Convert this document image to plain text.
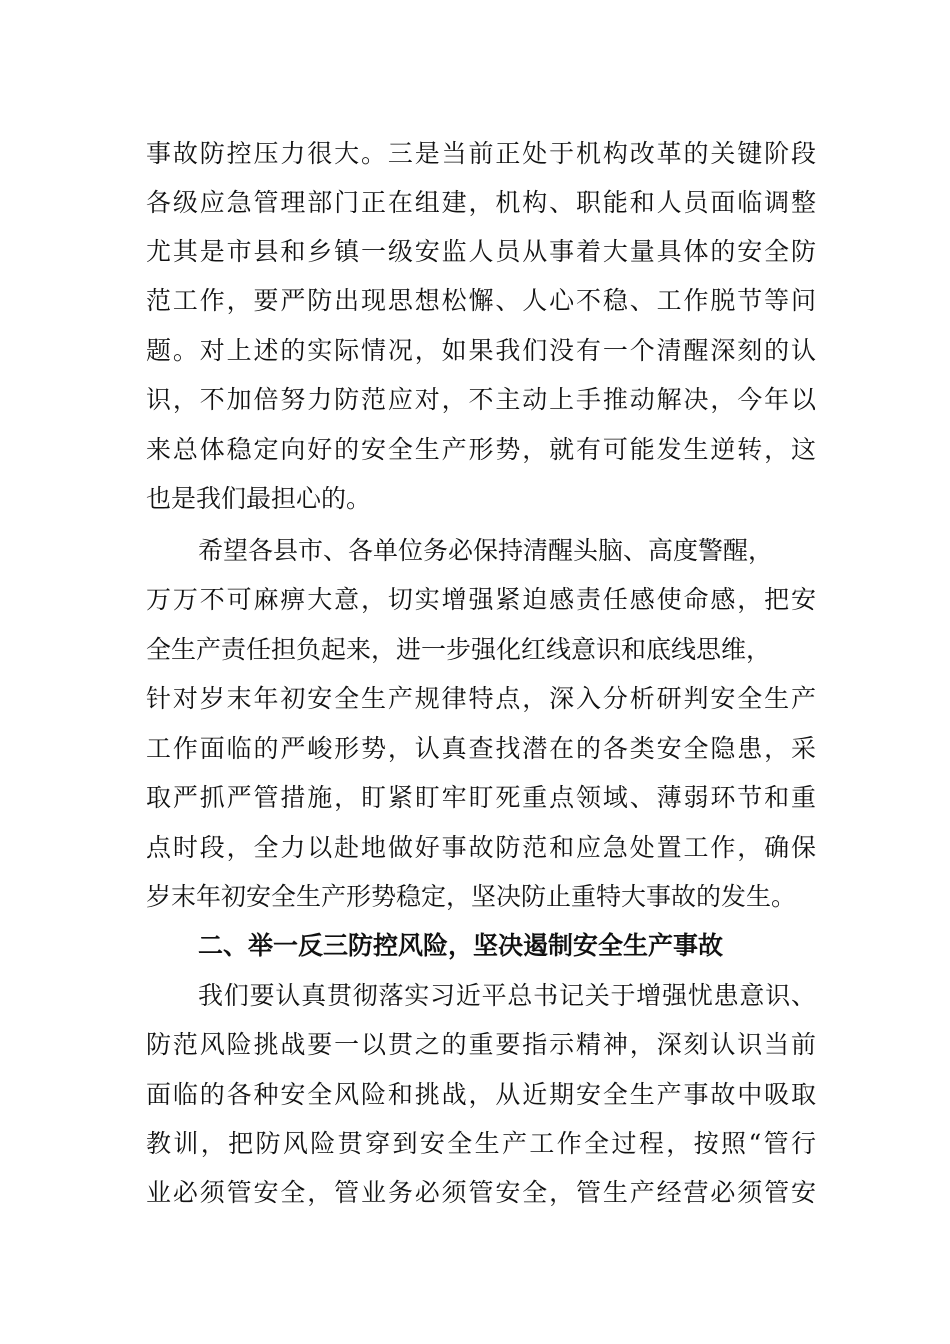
事故防控压力很大。三是当前正处于机构改革的关键阶段
各级应急管理部门正在组建，机构、职能和人员面临调整
尤其是市县和乡镇一级安监人员从事着大量具体的安全防
范工作，要严防出现思想松懈、人心不稳、工作脱节等问
题。对上述的实际情况，如果我们没有一个清醒深刻的认
识，不加倍努力防范应对，不主动上手推动解决，今年以
来总体稳定向好的安全生产形势，就有可能发生逆转，这
也是我们最担心的。
希望各县市、各单位务必保持清醒头脑、高度警醒，
万万不可麻痹大意，切实增强紧迫感责任感使命感，把安
全生产责任担负起来，进一步强化红线意识和底线思维，
针对岁末年初安全生产规律特点，深入分析研判安全生产
工作面临的严峻形势，认真查找潜在的各类安全隐患，采
取严抓严管措施，盯紧盯牢盯死重点领域、薄弱环节和重
点时段，全力以赴地做好事故防范和应急处置工作，确保
岁末年初安全生产形势稳定，坚决防止重特大事故的发生。
二、举一反三防控风险，坚决遏制安全生产事故
我们要认真贯彻落实习近平总书记关于增强忧患意识、
防范风险挑战要一以贯之的重要指示精神，深刻认识当前
面临的各种安全风险和挑战，从近期安全生产事故中吸取
教训，把防风险贯穿到安全生产工作全过程，按照“管行
业必须管安全，管业务必须管安全，管生产经营必须管安
